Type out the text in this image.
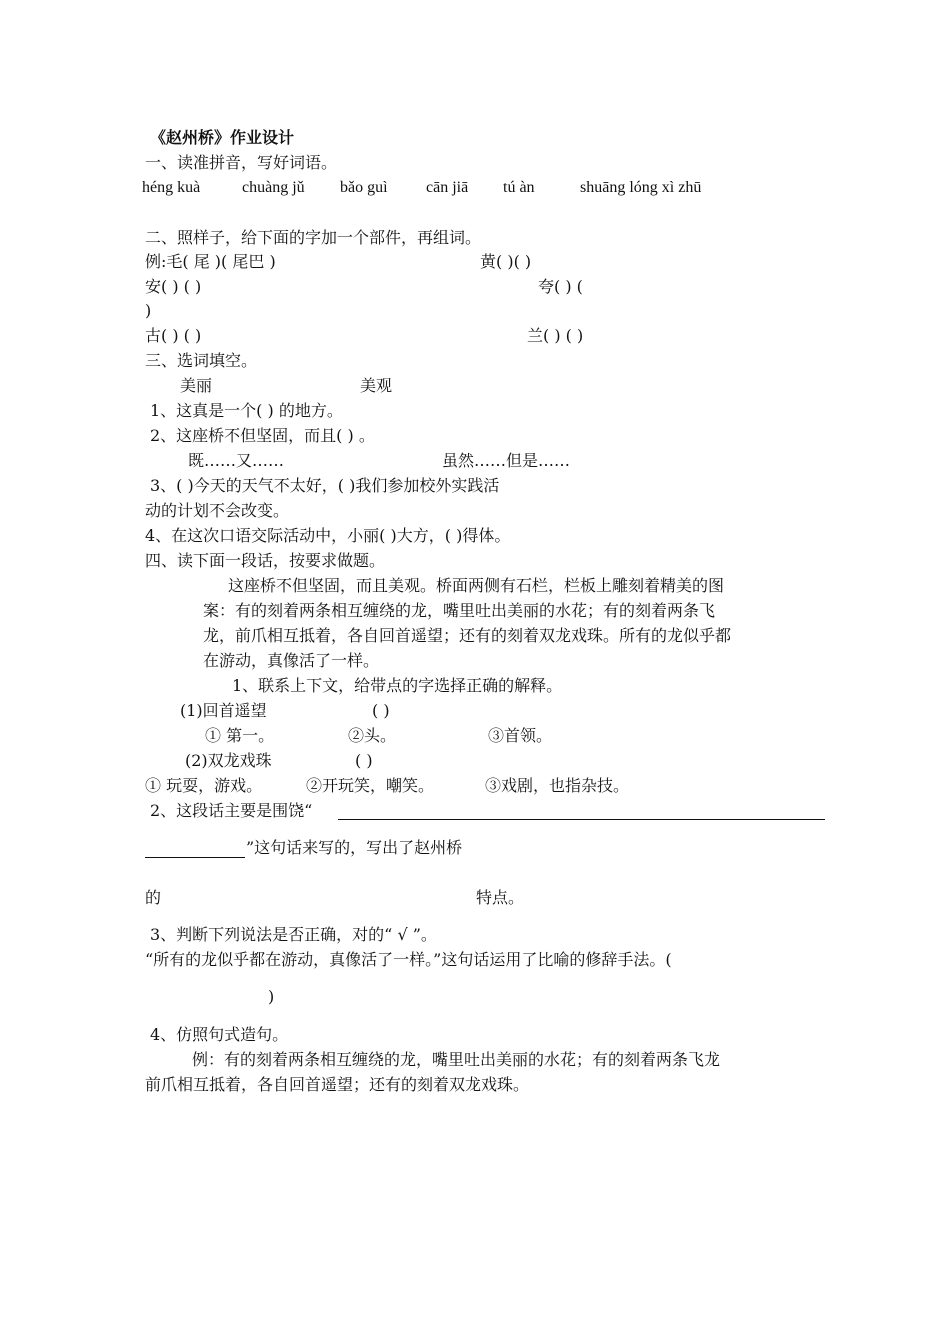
《赵州桥》作业设计
一、读准拼音，写好词语。
héng kuà	chuàng jǔ bǎo guì cān jiā tú àn	shuāng lóng xì zhū
二、照样子，给下面的字加一个部件，再组词。
例:毛( 尾 )( 尾巴 )	黄( )( )
安( ) ( )	夸( ) (
)
古( ) ( )	兰( ) ( )
三、选词填空。
美丽	美观
1、这真是一个( ) 的地方。
2、这座桥不但坚固，而且( ) 。
既……又……	虽然……但是……
3、( )今天的天气不太好，( )我们参加校外实践活
动的计划不会改变。
4、在这次口语交际活动中，小丽( )大方，( )得体。
四、读下面一段话，按要求做题。
这座桥不但坚固，而且美观。桥面两侧有石栏，栏板上雕刻着精美的图
案：有的刻着两条相互缠绕的龙，嘴里吐出美丽的水花；有的刻着两条飞
龙，前爪相互抵着，各自回首遥望；还有的刻着双龙戏珠。所有的龙似乎都
在游动，真像活了一样。
1、联系上下文，给带点的字选择正确的解释。
(1)回首遥望	( )
① 第一。	②头。	③首领。
(2)双龙戏珠	( )
① 玩耍，游戏。	②开玩笑，嘲笑。	③戏剧，也指杂技。
2、这段话主要是围饶“
”这句话来写的，写出了赵州桥
的	特点。
3、判断下列说法是否正确，对的“ √ ”。
“所有的龙似乎都在游动，真像活了一样。”这句话运用了比喻的修辞手法。(
)
4、仿照句式造句。
例：有的刻着两条相互缠绕的龙，嘴里吐出美丽的水花；有的刻着两条飞龙
前爪相互抵着，各自回首遥望；还有的刻着双龙戏珠。
